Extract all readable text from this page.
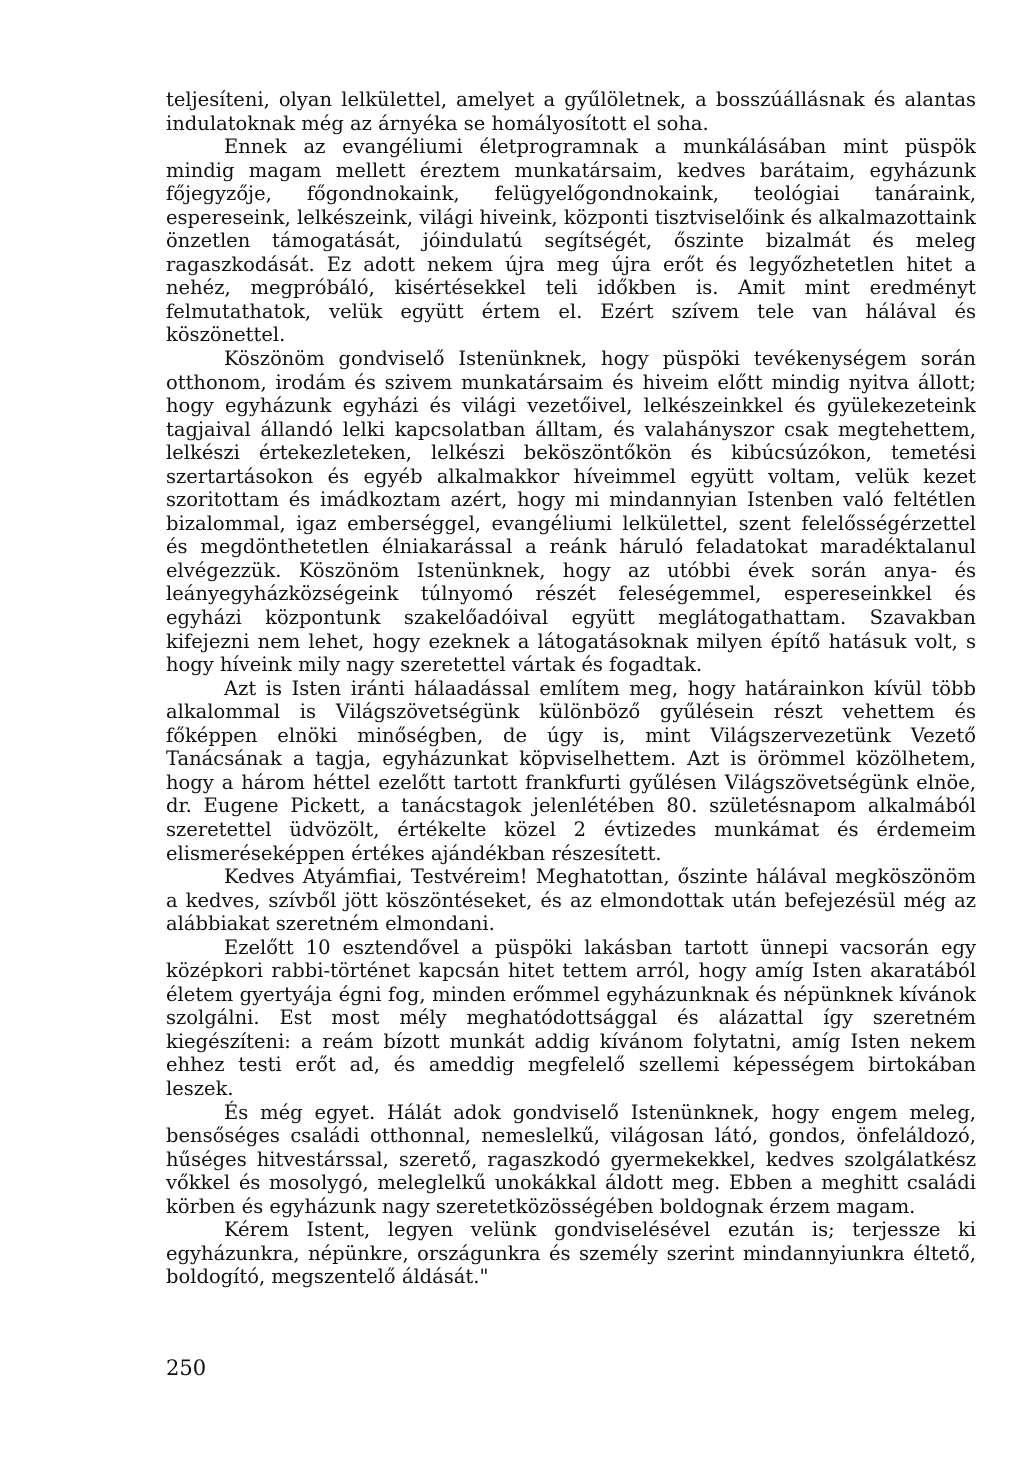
teljesíteni, olyan lelkülettel, amelyet a gyűlöletnek, a bosszúállásnak és alantas indulatoknak még az árnyéka se homályosított el soha.

Ennek az evangéliumi életprogramnak a munkálásában mint püspök mindig magam mellett éreztem munkatársaim, kedves barátaim, egyházunk főjegyzője, főgondnokaink, felügyelőgondnokaink, teológiai tanáraink, espereseink, lelkészeink, világi hiveink, központi tisztviselőink és alkalmazottaink önzetlen támogatását, jóindulatú segítségét, őszinte bizalmát és meleg ragaszkodását. Ez adott nekem újra meg újra erőt és legyőzhetetlen hitet a nehéz, megpróbáló, kisértésekkel teli időkben is. Amit mint eredményt felmutathatok, velük együtt értem el. Ezért szívem tele van hálával és köszönettel.

Köszönöm gondviselő Istenünknek, hogy püspöki tevékenységem során otthonom, irodám és szivem munkatársaim és hiveim előtt mindig nyitva állott; hogy egyházunk egyházi és világi vezetőivel, lelkészeinkkel és gyülekezeteink tagjaival állandó lelki kapcsolatban álltam, és valahányszor csak megtehettem, lelkészi értekezleteken, lelkészi beköszöntőkön és kibúcsúzókon, temetési szertartásokon és egyéb alkalmakkor híveimmel együtt voltam, velük kezet szoritottam és imádkoztam azért, hogy mi mindannyian Istenben való feltétlen bizalommal, igaz emberséggel, evangéliumi lelkülettel, szent felelősségérzettel és megdönthetetlen élniakarással a reánk háruló feladatokat maradéktalanul elvégezzük. Köszönöm Istenünknek, hogy az utóbbi évek során anya- és leányegyházközségeink túlnyomó részét feleségemmel, espereseinkkel és egyházi központunk szakelőadóival együtt meglátogathattam. Szavakban kifejezni nem lehet, hogy ezeknek a látogatásoknak milyen építő hatásuk volt, s hogy híveink mily nagy szeretettel vártak és fogadtak.

Azt is Isten iránti hálaadással említem meg, hogy határainkon kívül több alkalommal is Világszövetségünk különböző gyűlésein részt vehettem és főképpen elnöki minőségben, de úgy is, mint Világszervezetünk Vezető Tanácsának a tagja, egyházunkat köpviselhettem. Azt is örömmel közölhetem, hogy a három héttel ezelőtt tartott frankfurti gyűlésen Világszövetségünk elnöe, dr. Eugene Pickett, a tanácstagok jelenlétében 80. születésnapom alkalmából szeretettel üdvözölt, értékelte közel 2 évtizedes munkámat és érdemeim elismeréseképpen értékes ajándékban részesített.

Kedves Atyámfiai, Testvéreim! Meghatottan, őszinte hálával megköszönöm a kedves, szívből jött köszöntéseket, és az elmondottak után befejezésül még az alábbiakat szeretném elmondani.

Ezelőtt 10 esztendővel a püspöki lakásban tartott ünnepi vacsorán egy középkori rabbi-történet kapcsán hitet tettem arról, hogy amíg Isten akaratából életem gyertyája égni fog, minden erőmmel egyházunknak és népünknek kívánok szolgálni. Est most mély meghatódottsággal és alázattal így szeretném kiegészíteni: a reám bízott munkát addig kívánom folytatni, amíg Isten nekem ehhez testi erőt ad, és ameddig megfelelő szellemi képességem birtokában leszek.

És még egyet. Hálát adok gondviselő Istenünknek, hogy engem meleg, bensőséges családi otthonnal, nemeslelkű, világosan látó, gondos, önfeláldozó, hűséges hitvestárssal, szerető, ragaszkodó gyermekekkel, kedves szolgálatkész vőkkel és mosolygó, meleglelkű unokákkal áldott meg. Ebben a meghitt családi körben és egyházunk nagy szeretetközösségében boldognak érzem magam.

Kérem Istent, legyen velünk gondviselésével ezután is; terjessze ki egyházunkra, népünkre, országunkra és személy szerint mindannyiunkra éltető, boldogító, megszentelő áldását."

250
